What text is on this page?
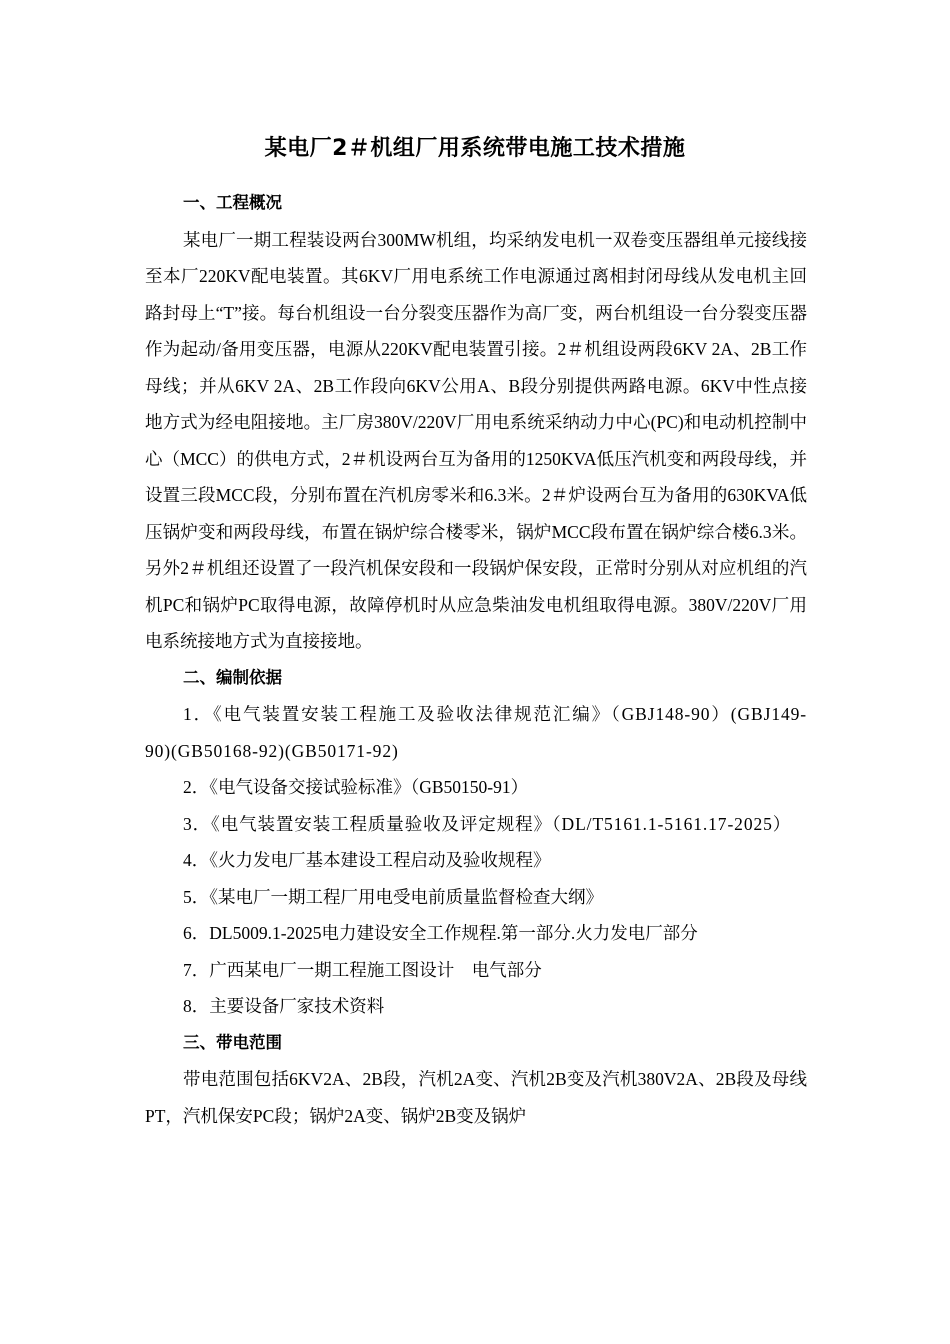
某电厂2＃机组厂用系统带电施工技术措施

一、工程概况

某电厂一期工程装设两台300MW机组，均采纳发电机一双卷变压器组单元接线接至本厂220KV配电装置。其6KV厂用电系统工作电源通过离相封闭母线从发电机主回路封母上“T”接。每台机组设一台分裂变压器作为高厂变，两台机组设一台分裂变压器作为起动/备用变压器，电源从220KV配电装置引接。2＃机组设两段6KV 2A、2B工作母线；并从6KV 2A、2B工作段向6KV公用A、B段分别提供两路电源。6KV中性点接地方式为经电阻接地。主厂房380V/220V厂用电系统采纳动力中心(PC)和电动机控制中心（MCC）的供电方式，2＃机设两台互为备用的1250KVA低压汽机变和两段母线，并设置三段MCC段，分别布置在汽机房零米和6.3米。2＃炉设两台互为备用的630KVA低压锅炉变和两段母线，布置在锅炉综合楼零米，锅炉MCC段布置在锅炉综合楼6.3米。另外2＃机组还设置了一段汽机保安段和一段锅炉保安段，正常时分别从对应机组的汽机PC和锅炉PC取得电源，故障停机时从应急柴油发电机组取得电源。380V/220V厂用电系统接地方式为直接接地。

二、编制依据

1．《电气装置安装工程施工及验收法律规范汇编》（GBJ148-90）(GBJ149-90)(GB50168-92)(GB50171-92)

2．《电气设备交接试验标准》（GB50150-91）

3．《电气装置安装工程质量验收及评定规程》（DL/T5161.1-5161.17-2025）

4．《火力发电厂基本建设工程启动及验收规程》

5．《某电厂一期工程厂用电受电前质量监督检查大纲》

6．DL5009.1-2025电力建设安全工作规程.第一部分.火力发电厂部分

7．广西某电厂一期工程施工图设计　电气部分

8．主要设备厂家技术资料

三、带电范围

带电范围包括6KV2A、2B段，汽机2A变、汽机2B变及汽机380V2A、2B段及母线PT，汽机保安PC段；锅炉2A变、锅炉2B变及锅炉
